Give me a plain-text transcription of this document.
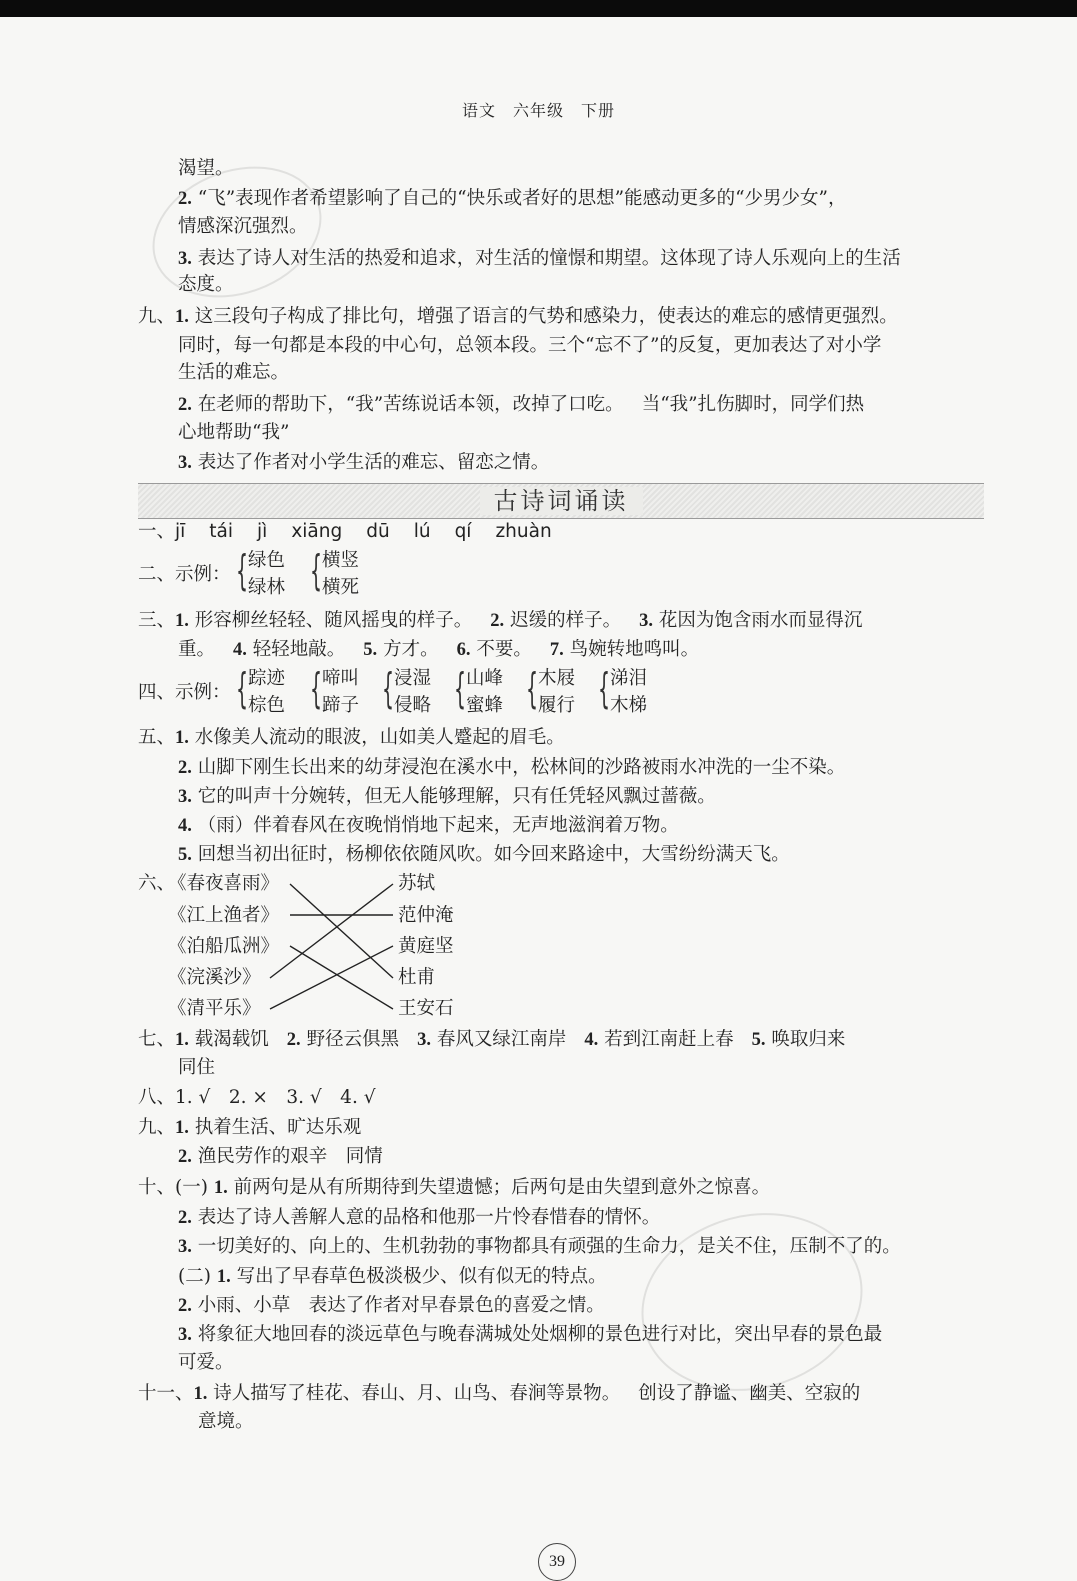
语文　六年级　下册
渴望。
2. “飞”表现作者希望影响了自己的“快乐或者好的思想”能感动更多的“少男少女”，
情感深沉强烈。
3. 表达了诗人对生活的热爱和追求，对生活的憧憬和期望。这体现了诗人乐观向上的生活
态度。
九、1. 这三段句子构成了排比句，增强了语言的气势和感染力，使表达的难忘的感情更强烈。
同时，每一句都是本段的中心句，总领本段。三个“忘不了”的反复，更加表达了对小学
生活的难忘。
2. 在老师的帮助下，“我”苦练说话本领，改掉了口吃。 当“我”扎伤脚时，同学们热
心地帮助“我”
3. 表达了作者对小学生活的难忘、留恋之情。
古诗词诵读
一、jī tái jì xiāng dū lú qí zhuàn
二、示例： { 绿色
绿林 { 横竖
横死
三、1. 形容柳丝轻轻、随风摇曳的样子。 2. 迟缓的样子。 3. 花因为饱含雨水而显得沉
重。 4. 轻轻地敲。 5. 方才。 6. 不要。 7. 鸟婉转地鸣叫。
四、示例： { 踪迹
棕色 { 啼叫
蹄子 { 浸湿
侵略 { 山峰
蜜蜂 { 木屐
履行 { 涕泪
木梯
五、1. 水像美人流动的眼波，山如美人蹙起的眉毛。
2. 山脚下刚生长出来的幼芽浸泡在溪水中，松林间的沙路被雨水冲洗的一尘不染。
3. 它的叫声十分婉转，但无人能够理解，只有任凭轻风飘过蔷薇。
4. （雨）伴着春风在夜晚悄悄地下起来，无声地滋润着万物。
5. 回想当初出征时，杨柳依依随风吹。如今回来路途中，大雪纷纷满天飞。
六、
《春夜喜雨》
《江上渔者》
《泊船瓜洲》
《浣溪沙》
《清平乐》
苏轼
范仲淹
黄庭坚
杜甫
王安石
七、1. 载渴载饥 2. 野径云俱黑 3. 春风又绿江南岸 4. 若到江南赶上春 5. 唤取归来
同住
八、1. √　2. ×　3. √　4. √
九、1. 执着生活、旷达乐观
2. 渔民劳作的艰辛　同情
十、(一) 1. 前两句是从有所期待到失望遗憾；后两句是由失望到意外之惊喜。
2. 表达了诗人善解人意的品格和他那一片怜春惜春的情怀。
3. 一切美好的、向上的、生机勃勃的事物都具有顽强的生命力，是关不住，压制不了的。
(二) 1. 写出了早春草色极淡极少、似有似无的特点。
2. 小雨、小草　表达了作者对早春景色的喜爱之情。
3. 将象征大地回春的淡远草色与晚春满城处处烟柳的景色进行对比，突出早春的景色最
可爱。
十一、1. 诗人描写了桂花、春山、月、山鸟、春涧等景物。 创设了静谧、幽美、空寂的
意境。
39
